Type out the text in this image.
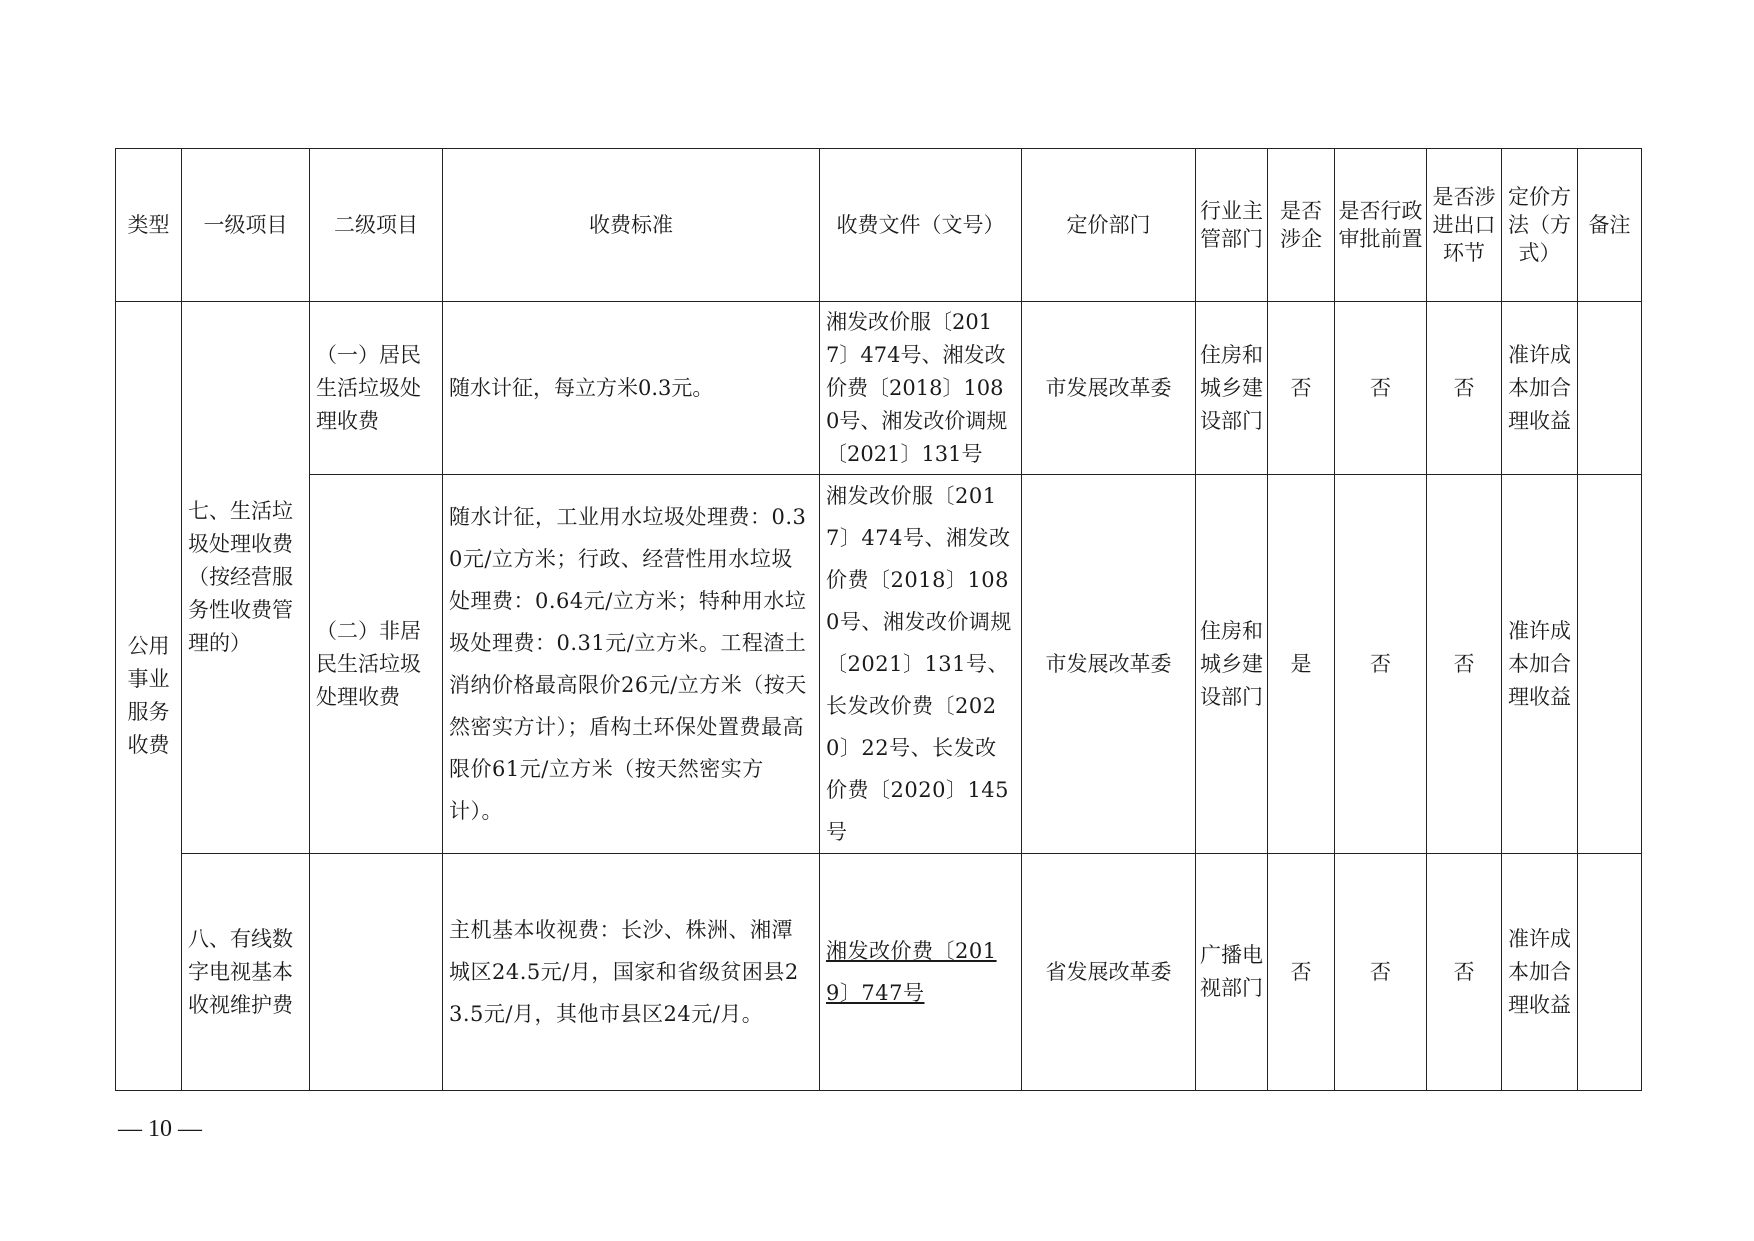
类型	一级项目	二级项目	收费标准	收费文件（文号）	定价部门	行业主管部门	是否涉企	是否行政审批前置	是否涉进出口环节	定价方法（方式）	备注
公用事业服务收费	七、生活垃圾处理收费（按经营服务性收费管理的）	（一）居民生活垃圾处理收费	随水计征，每立方米0.3元。	湘发改价服〔2017〕474号、湘发改价费〔2018〕1080号、湘发改价调规〔2021〕131号	市发展改革委	住房和城乡建设部门	否	否	否	准许成本加合理收益	
		（二）非居民生活垃圾处理收费	随水计征，工业用水垃圾处理费：0.30元/立方米；行政、经营性用水垃圾处理费：0.64元/立方米；特种用水垃圾处理费：0.31元/立方米。工程渣土消纳价格最高限价26元/立方米（按天然密实方计）；盾构土环保处置费最高限价61元/立方米（按天然密实方计）。	湘发改价服〔2017〕474号、湘发改价费〔2018〕1080号、湘发改价调规〔2021〕131号、长发改价费〔2020〕22号、长发改价费〔2020〕145号	市发展改革委	住房和城乡建设部门	是	否	否	准许成本加合理收益	
	八、有线数字电视基本收视维护费		主机基本收视费：长沙、株洲、湘潭城区24.5元/月，国家和省级贫困县23.5元/月，其他市县区24元/月。	湘发改价费〔2019〕747号	省发展改革委	广播电视部门	否	否	否	准许成本加合理收益	
— 10 —
